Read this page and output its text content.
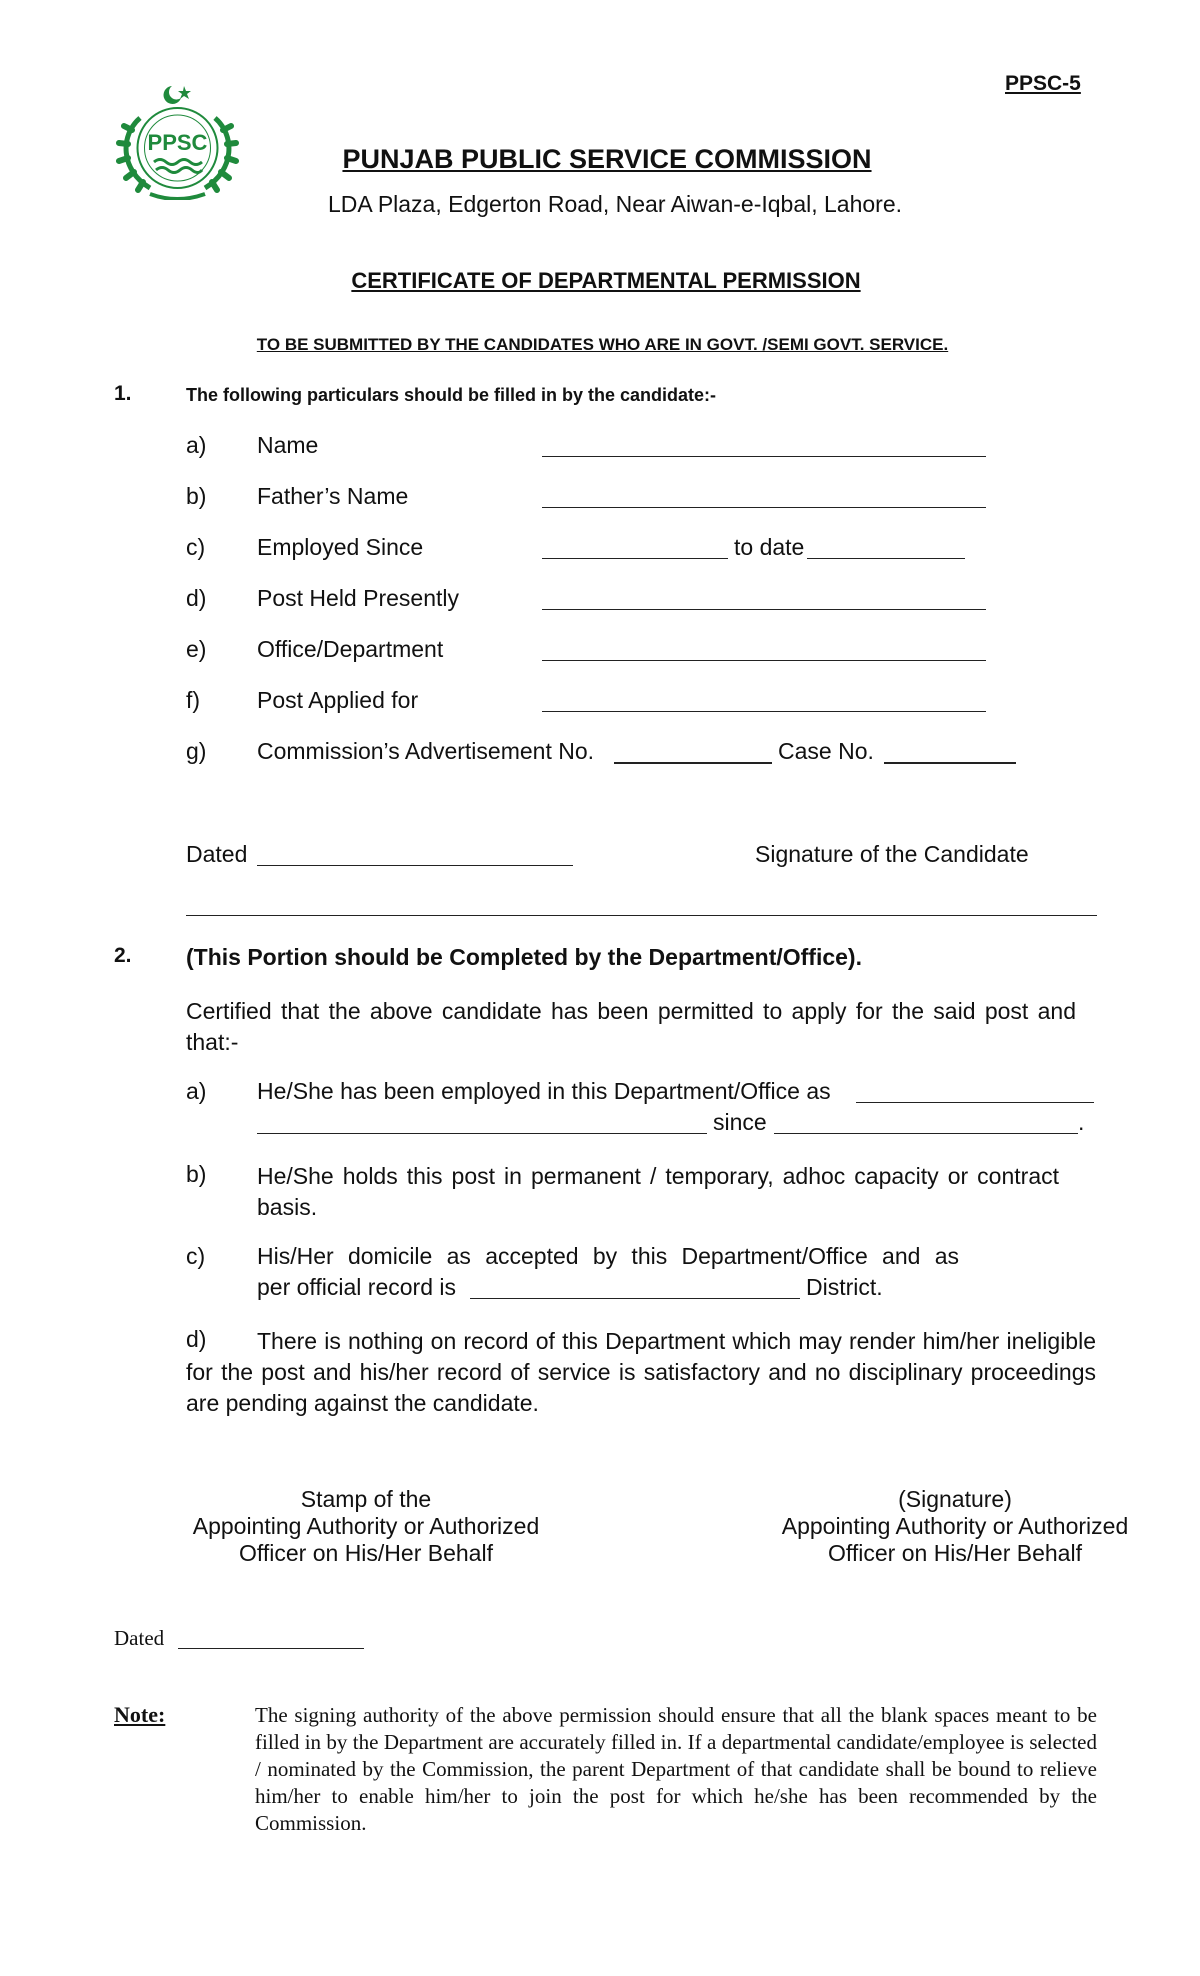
PPSC-5
PPSC
PUNJAB PUBLIC SERVICE COMMISSION
LDA Plaza, Edgerton Road, Near Aiwan-e-Iqbal, Lahore.
CERTIFICATE OF DEPARTMENTAL PERMISSION
TO BE SUBMITTED BY THE CANDIDATES WHO ARE IN GOVT. /SEMI GOVT. SERVICE.
1.	The following particulars should be filled in by the candidate:-
a) Name
b) Father’s Name
c) Employed Since	to date
d) Post Held Presently
e) Office/Department
f) Post Applied for
g) Commission’s Advertisement No.	Case No.
Dated	Signature of the Candidate
2. (This Portion should be Completed by the Department/Office).
Certified that the above candidate has been permitted to apply for the said post and that:-
a) He/She has been employed in this Department/Office as
since	.
b) He/She holds this post in permanent / temporary, adhoc capacity or contract basis.
c) His/Her domicile as accepted by this Department/Office and as
per official record is	District.
d)	There is nothing on record of this Department which may render him/her ineligible for the post and his/her record of service is satisfactory and no disciplinary proceedings are pending against the candidate.
Stamp of the
Appointing Authority or Authorized
Officer on His/Her Behalf
(Signature)
Appointing Authority or Authorized
Officer on His/Her Behalf
Dated
Note:	The signing authority of the above permission should ensure that all the blank spaces meant to be filled in by the Department are accurately filled in. If a departmental candidate/employee is selected / nominated by the Commission, the parent Department of that candidate shall be bound to relieve him/her to enable him/her to join the post for which he/she has been recommended by the Commission.
